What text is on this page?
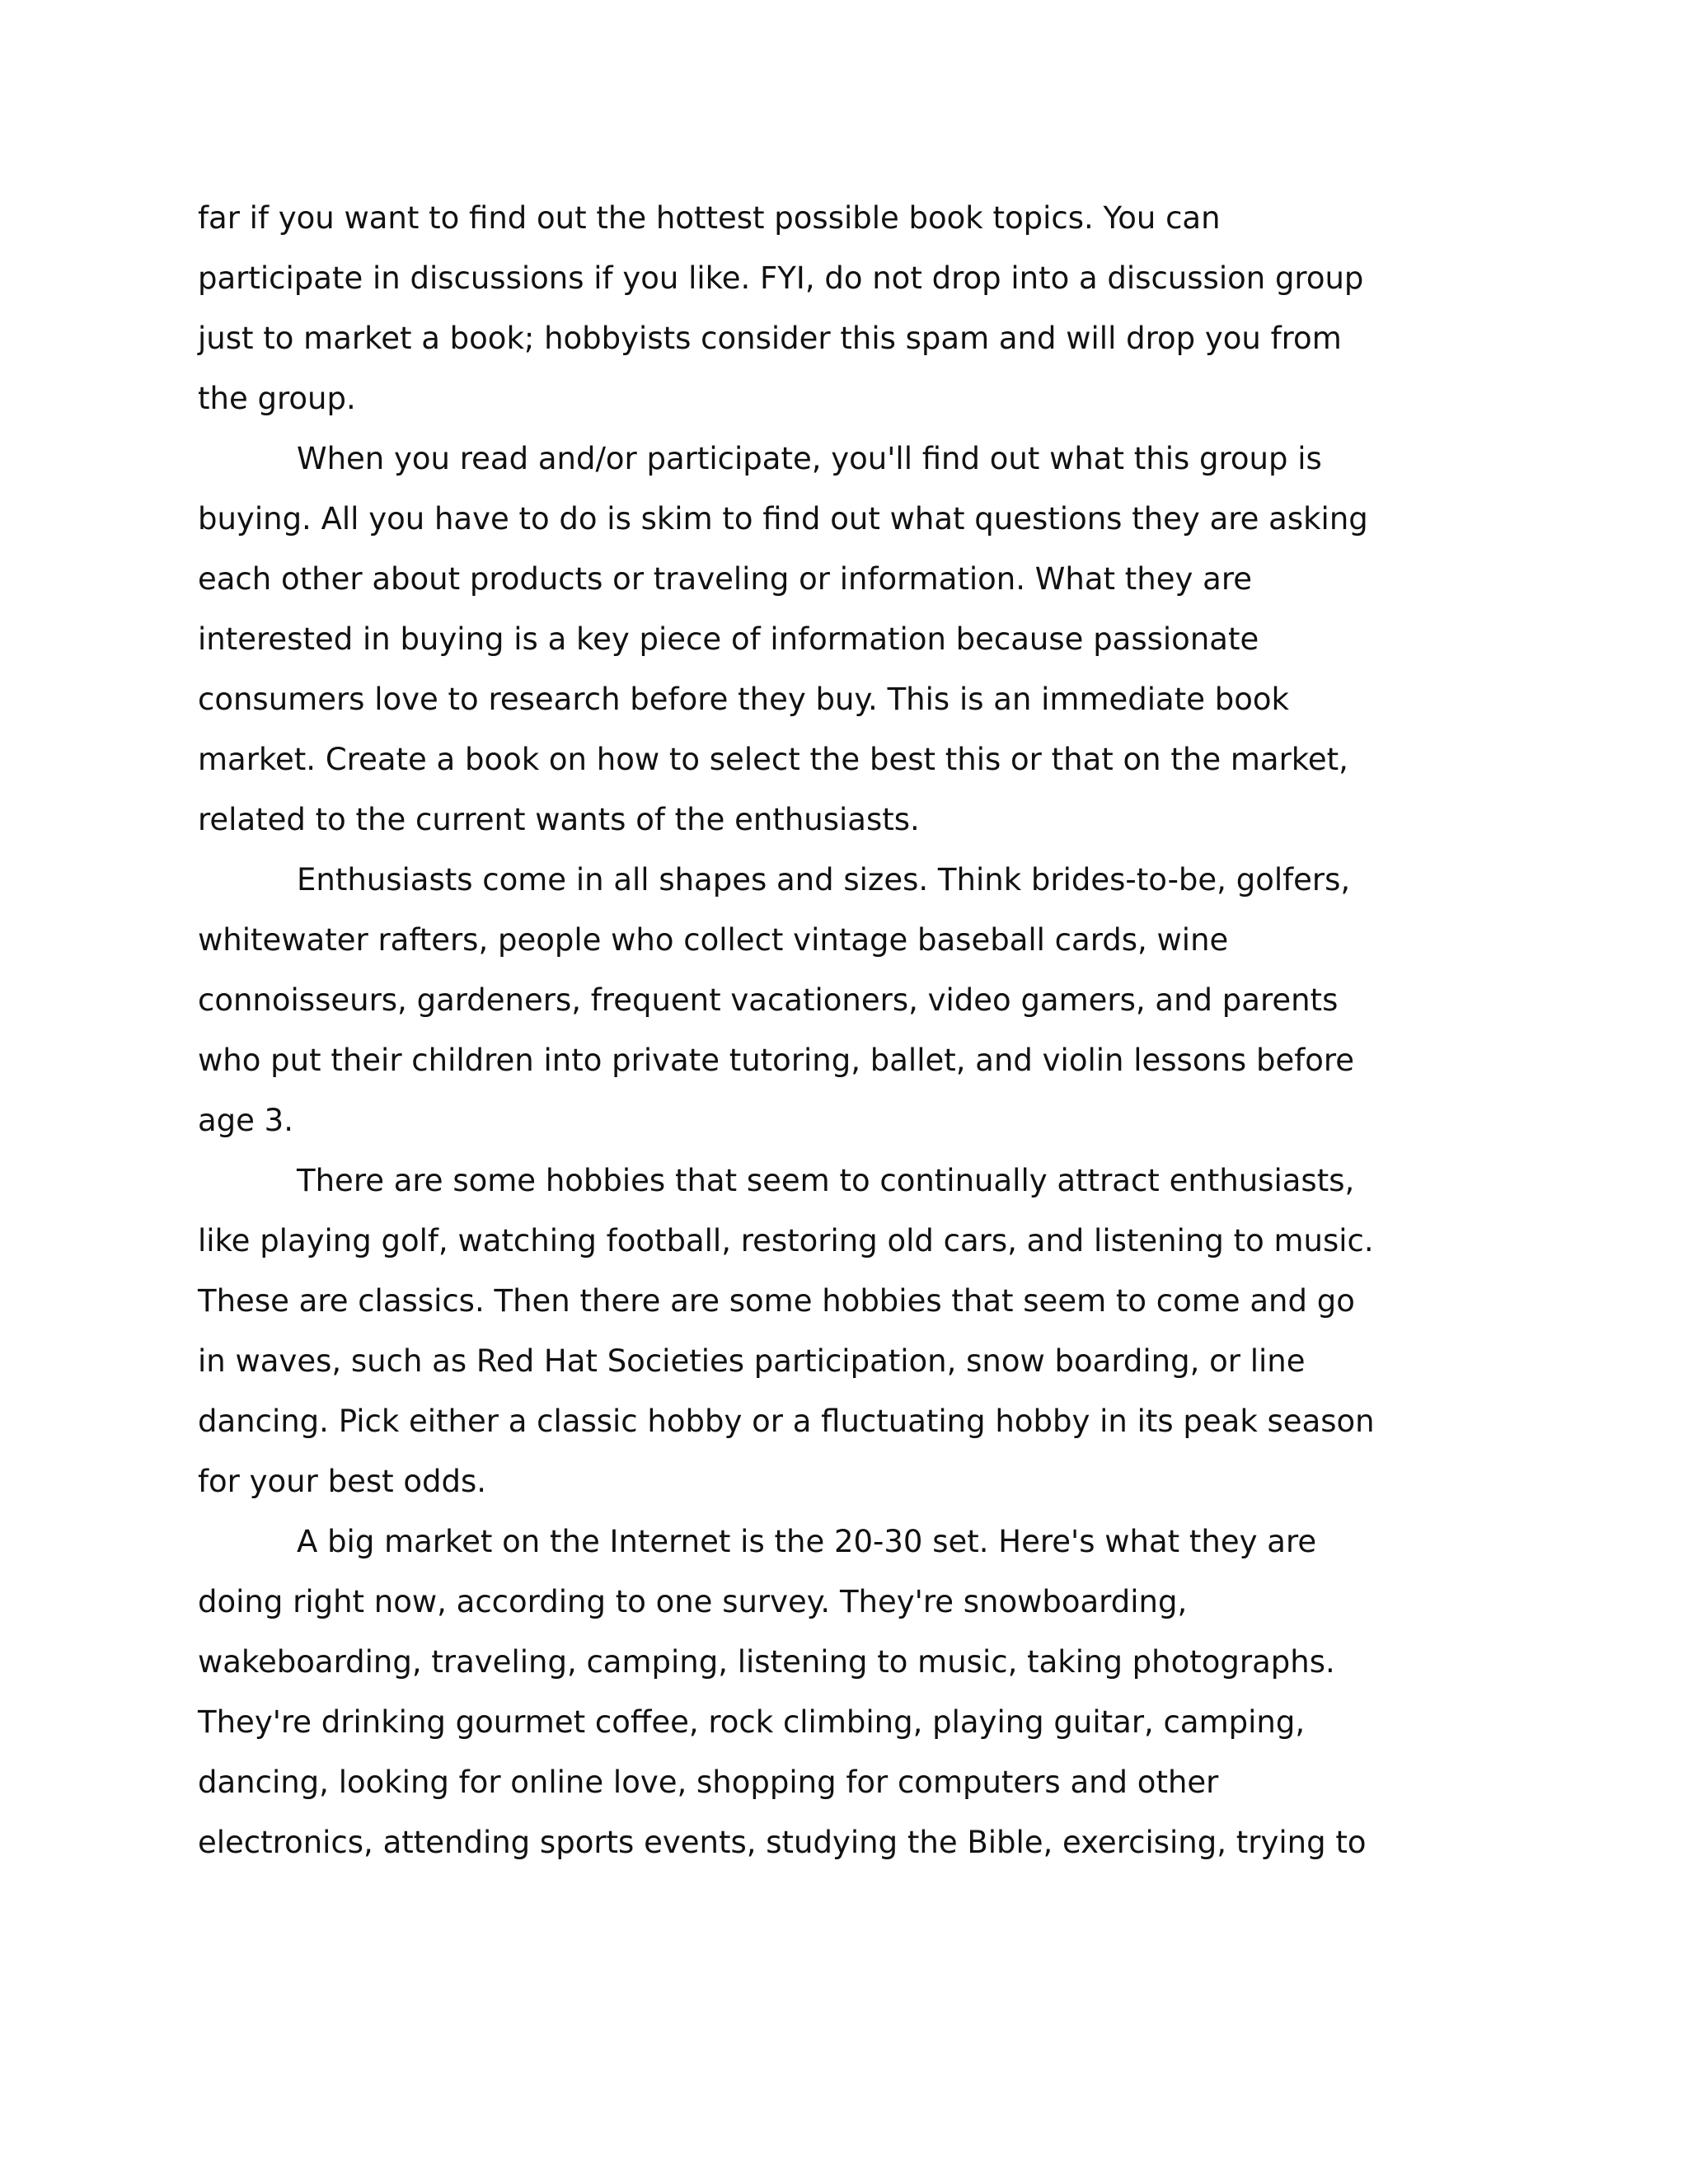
far if you want to find out the hottest possible book topics. You can
participate in discussions if you like. FYI, do not drop into a discussion group
just to market a book; hobbyists consider this spam and will drop you from
the group.
When you read and/or participate, you'll find out what this group is
buying. All you have to do is skim to find out what questions they are asking
each other about products or traveling or information. What they are
interested in buying is a key piece of information because passionate
consumers love to research before they buy. This is an immediate book
market. Create a book on how to select the best this or that on the market,
related to the current wants of the enthusiasts.
Enthusiasts come in all shapes and sizes. Think brides-to-be, golfers,
whitewater rafters, people who collect vintage baseball cards, wine
connoisseurs, gardeners, frequent vacationers, video gamers, and parents
who put their children into private tutoring, ballet, and violin lessons before
age 3.
There are some hobbies that seem to continually attract enthusiasts,
like playing golf, watching football, restoring old cars, and listening to music.
These are classics. Then there are some hobbies that seem to come and go
in waves, such as Red Hat Societies participation, snow boarding, or line
dancing. Pick either a classic hobby or a fluctuating hobby in its peak season
for your best odds.
A big market on the Internet is the 20-30 set. Here's what they are
doing right now, according to one survey. They're snowboarding,
wakeboarding, traveling, camping, listening to music, taking photographs.
They're drinking gourmet coffee, rock climbing, playing guitar, camping,
dancing, looking for online love, shopping for computers and other
electronics, attending sports events, studying the Bible, exercising, trying to
